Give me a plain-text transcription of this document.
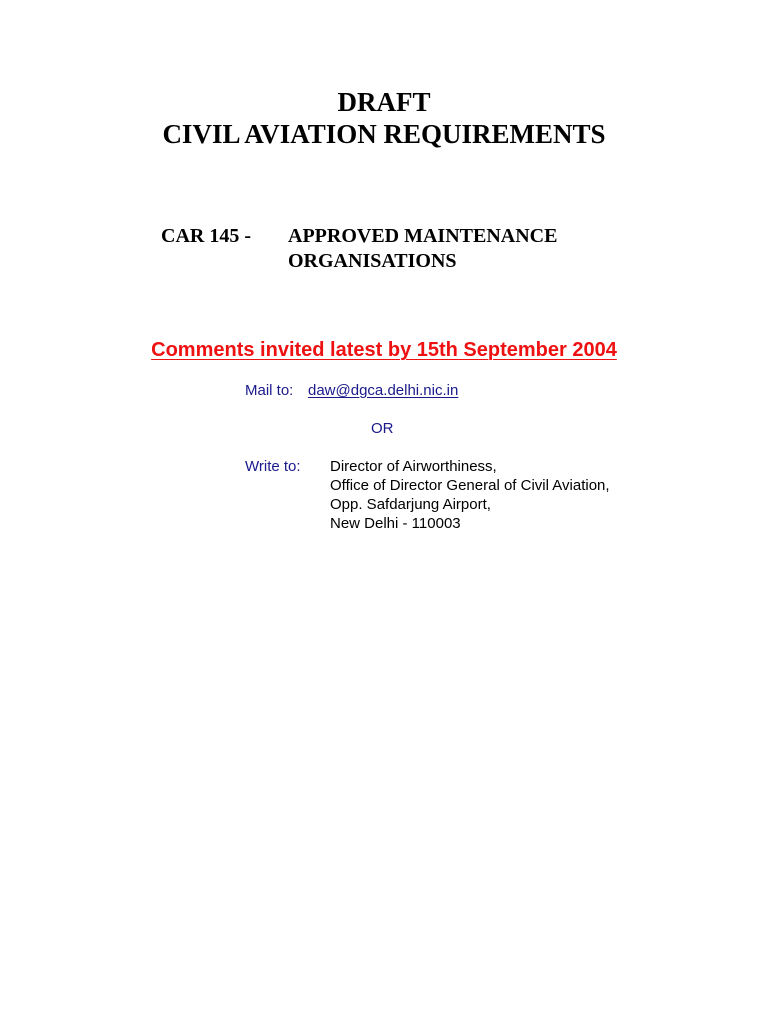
DRAFT
CIVIL AVIATION REQUIREMENTS
CAR 145 - APPROVED MAINTENANCE
ORGANISATIONS
Comments invited latest by 15th September 2004
Mail to: daw@dgca.delhi.nic.in
OR
Write to: Director of Airworthiness,
Office of Director General of Civil Aviation,
Opp. Safdarjung Airport,
New Delhi - 110003
